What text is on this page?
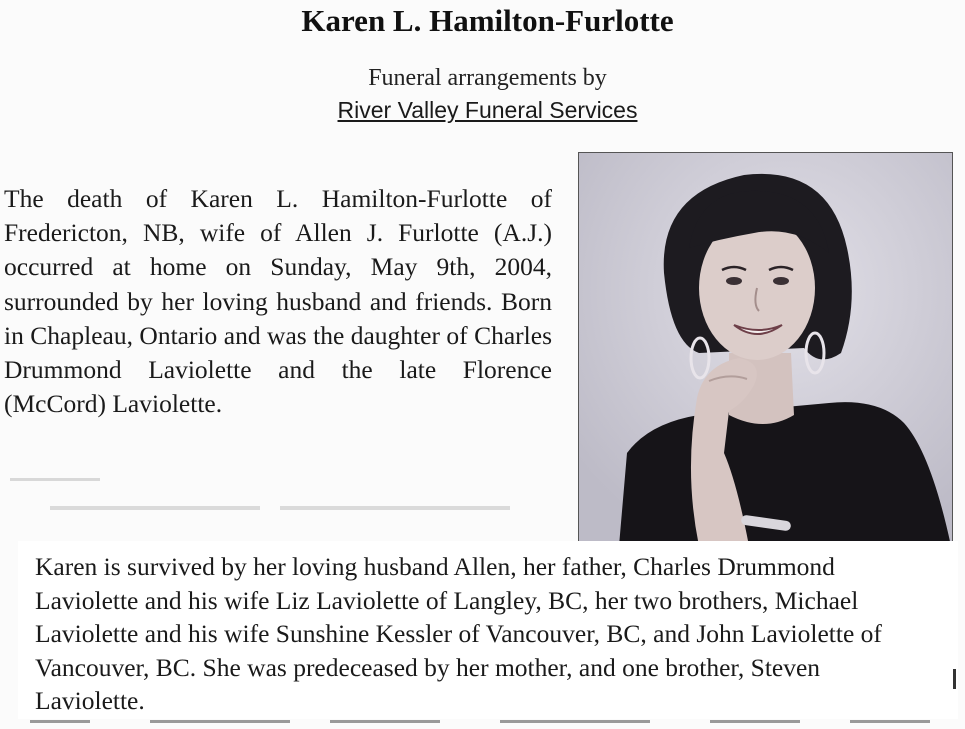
Karen L. Hamilton-Furlotte
Funeral arrangements by
River Valley Funeral Services

The death of Karen L. Hamilton-Furlotte of Fredericton, NB, wife of Allen J. Furlotte (A.J.) occurred at home on Sunday, May 9th, 2004, surrounded by her loving husband and friends. Born in Chapleau, Ontario and was the daughter of Charles Drummond Laviolette and the late Florence (McCord) Laviolette.

Karen is survived by her loving husband Allen, her father, Charles Drummond Laviolette and his wife Liz Laviolette of Langley, BC, her two brothers, Michael Laviolette and his wife Sunshine Kessler of Vancouver, BC, and John Laviolette of Vancouver, BC. She was predeceased by her mother, and one brother, Steven Laviolette.
